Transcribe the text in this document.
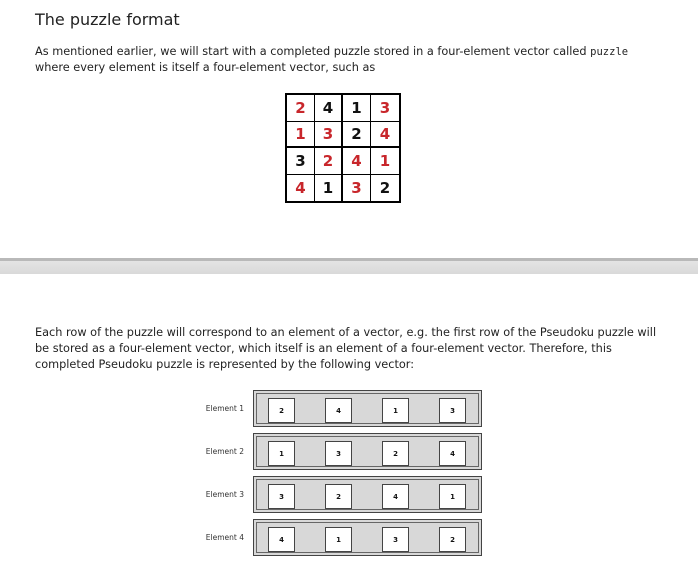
The puzzle format
As mentioned earlier, we will start with a completed puzzle stored in a four-element vector called puzzle where every element is itself a four-element vector, such as
2	4	1	3
1	3	2	4
3	2	4	1
4	1	3	2
Each row of the puzzle will correspond to an element of a vector, e.g. the first row of the Pseudoku puzzle will be stored as a four-element vector, which itself is an element of a four-element vector. Therefore, this completed Pseudoku puzzle is represented by the following vector:
Element 1	2	4	1	3
Element 2	1	3	2	4
Element 3	3	2	4	1
Element 4	4	1	3	2
